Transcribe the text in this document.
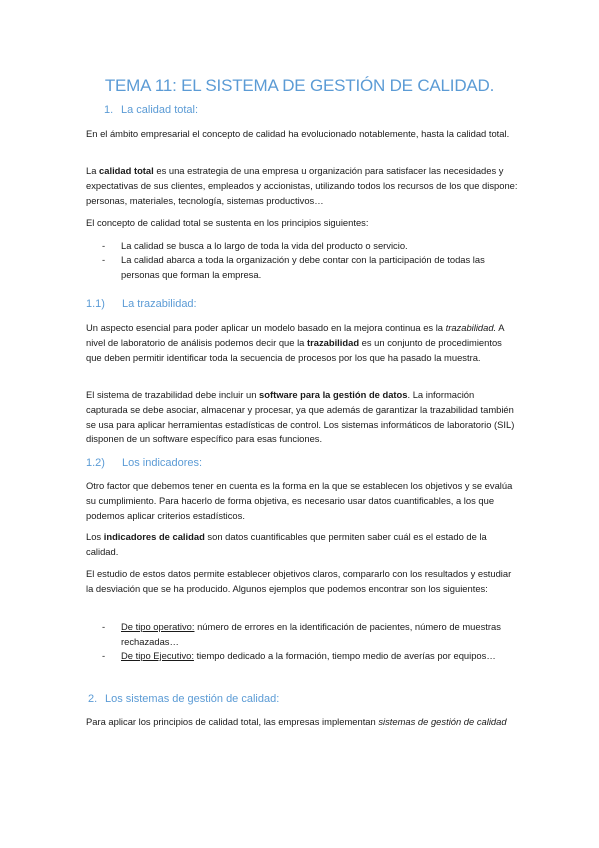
TEMA 11: EL SISTEMA DE GESTIÓN DE CALIDAD.
1. La calidad total:
En el ámbito empresarial el concepto de calidad ha evolucionado notablemente, hasta la calidad total.
La calidad total es una estrategia de una empresa u organización para satisfacer las necesidades y expectativas de sus clientes, empleados y accionistas, utilizando todos los recursos de los que dispone: personas, materiales, tecnología, sistemas productivos…
El concepto de calidad total se sustenta en los principios siguientes:
- La calidad se busca a lo largo de toda la vida del producto o servicio.
- La calidad abarca a toda la organización y debe contar con la participación de todas las personas que forman la empresa.
1.1) La trazabilidad:
Un aspecto esencial para poder aplicar un modelo basado en la mejora continua es la trazabilidad. A nivel de laboratorio de análisis podemos decir que la trazabilidad es un conjunto de procedimientos que deben permitir identificar toda la secuencia de procesos por los que ha pasado la muestra.
El sistema de trazabilidad debe incluir un software para la gestión de datos. La información capturada se debe asociar, almacenar y procesar, ya que además de garantizar la trazabilidad también se usa para aplicar herramientas estadísticas de control. Los sistemas informáticos de laboratorio (SIL) disponen de un software específico para esas funciones.
1.2) Los indicadores:
Otro factor que debemos tener en cuenta es la forma en la que se establecen los objetivos y se evalúa su cumplimiento. Para hacerlo de forma objetiva, es necesario usar datos cuantificables, a los que podemos aplicar criterios estadísticos.
Los indicadores de calidad son datos cuantificables que permiten saber cuál es el estado de la calidad.
El estudio de estos datos permite establecer objetivos claros, compararlo con los resultados y estudiar la desviación que se ha producido. Algunos ejemplos que podemos encontrar son los siguientes:
- De tipo operativo: número de errores en la identificación de pacientes, número de muestras rechazadas…
- De tipo Ejecutivo: tiempo dedicado a la formación, tiempo medio de averías por equipos…
2. Los sistemas de gestión de calidad:
Para aplicar los principios de calidad total, las empresas implementan sistemas de gestión de calidad
